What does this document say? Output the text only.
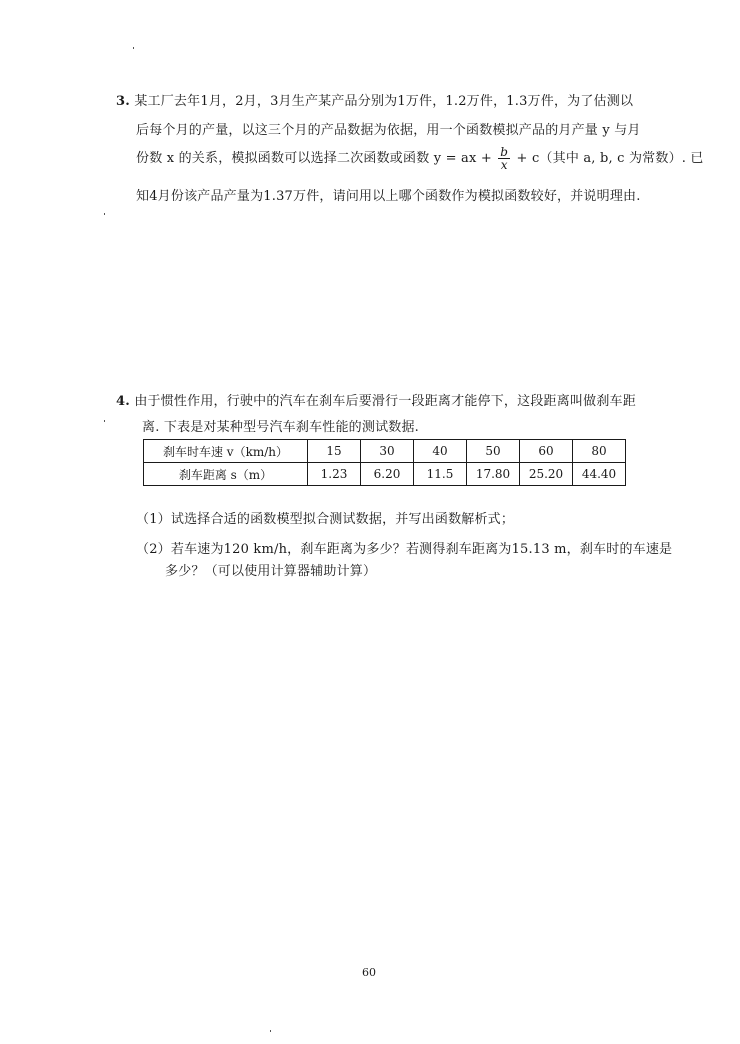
3. 某工厂去年1月，2月，3月生产某产品分别为1万件，1.2万件，1.3万件，为了估测以
后每个月的产量，以这三个月的产品数据为依据，用一个函数模拟产品的月产量 y 与月
份数 x 的关系，模拟函数可以选择二次函数或函数 y = ax + $\frac{b}{x} + c$（其中 a, b, c 为常数）. 已
知4月份该产品产量为1.37万件，请问用以上哪个函数作为模拟函数较好，并说明理由.
4. 由于惯性作用，行驶中的汽车在刹车后要滑行一段距离才能停下，这段距离叫做刹车距
离. 下表是对某种型号汽车刹车性能的测试数据.
刹车时车速 v（km/h）	15	30	40	50	60	80
刹车距离 s（m）	1.23	6.20	11.5	17.80	25.20	44.40
（1）试选择合适的函数模型拟合测试数据，并写出函数解析式；
（2）若车速为120 km/h，刹车距离为多少？若测得刹车距离为15.13 m，刹车时的车速是
多少？（可以使用计算器辅助计算）
60
